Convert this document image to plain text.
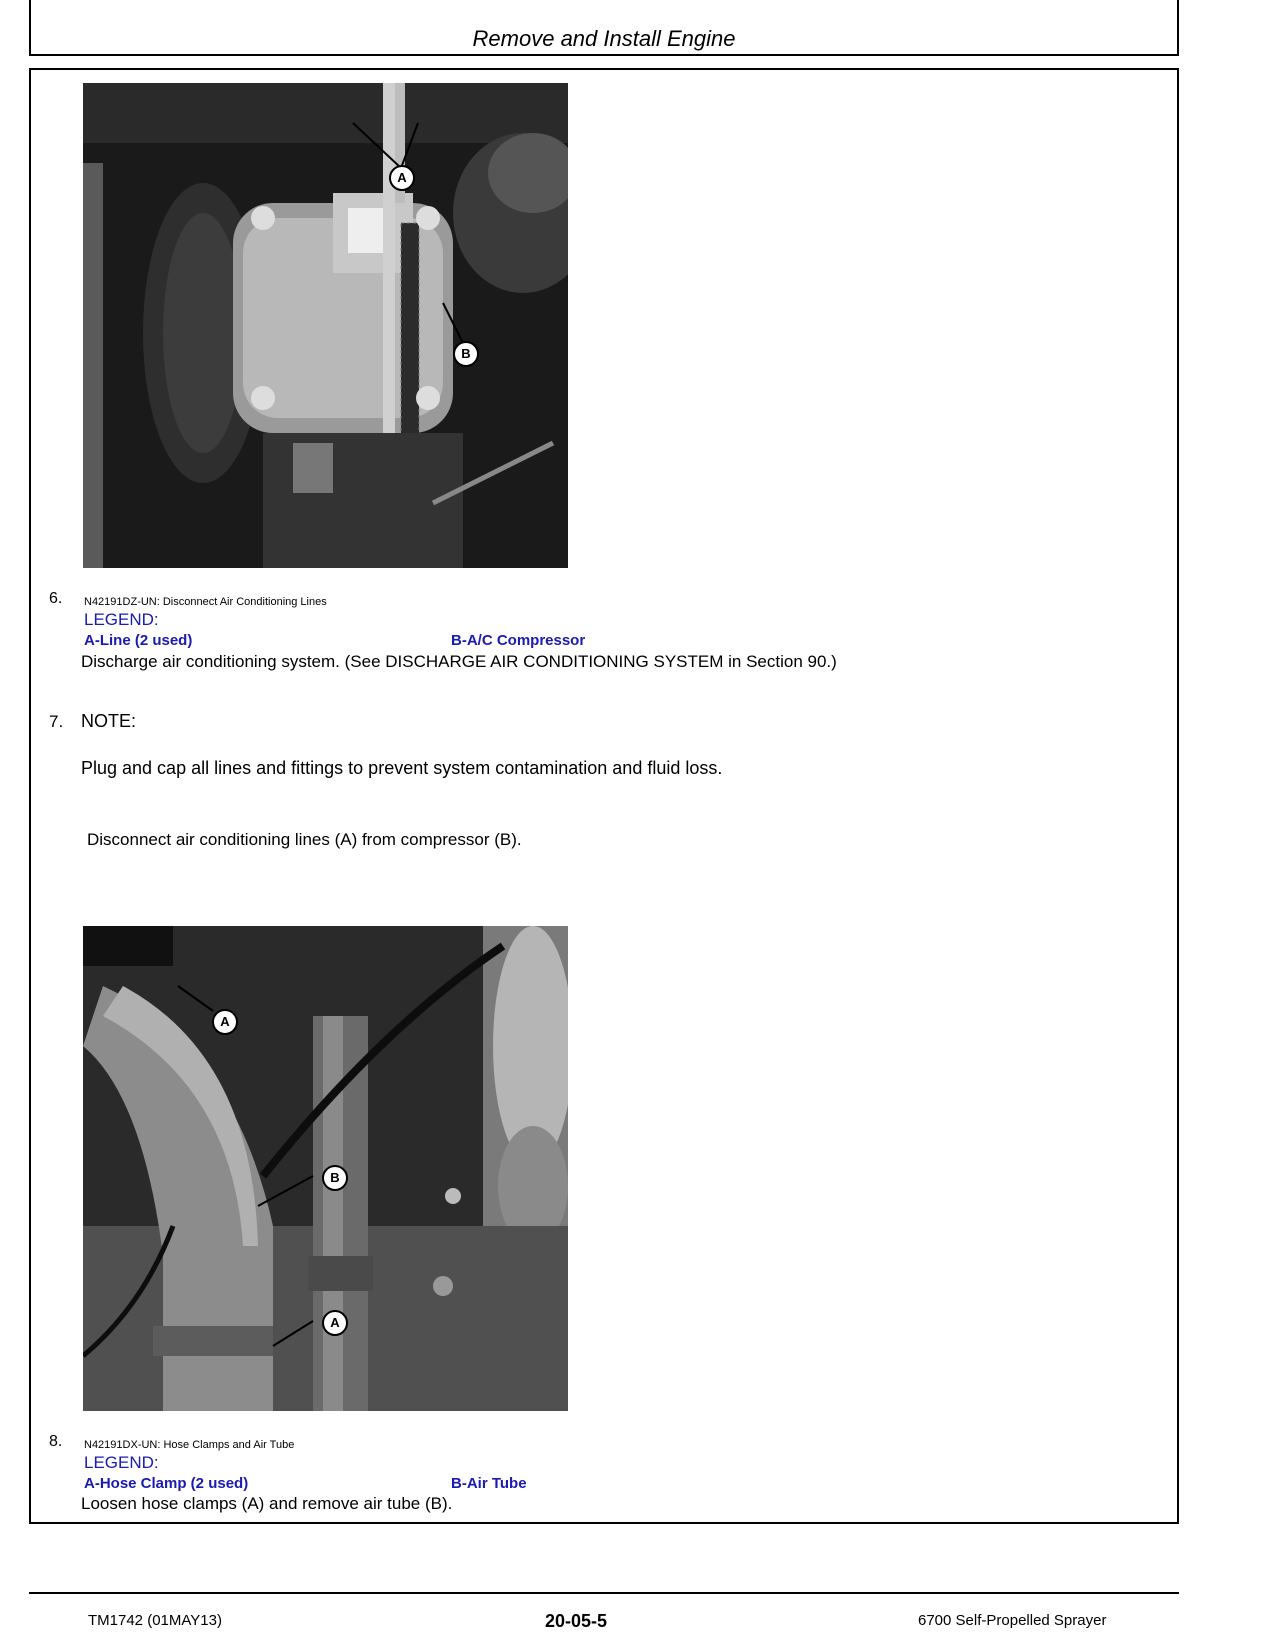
Remove and Install Engine
A
B
6. N42191DZ-UN: Disconnect Air Conditioning Lines
LEGEND:
A-Line (2 used)	B-A/C Compressor
Discharge air conditioning system. (See DISCHARGE AIR CONDITIONING SYSTEM in Section 90.)
7. NOTE:
Plug and cap all lines and fittings to prevent system contamination and fluid loss.
Disconnect air conditioning lines (A) from compressor (B).
A
B
A
8. N42191DX-UN: Hose Clamps and Air Tube
LEGEND:
A-Hose Clamp (2 used)	B-Air Tube
Loosen hose clamps (A) and remove air tube (B).
TM1742 (01MAY13)	20-05-5	6700 Self-Propelled Sprayer
